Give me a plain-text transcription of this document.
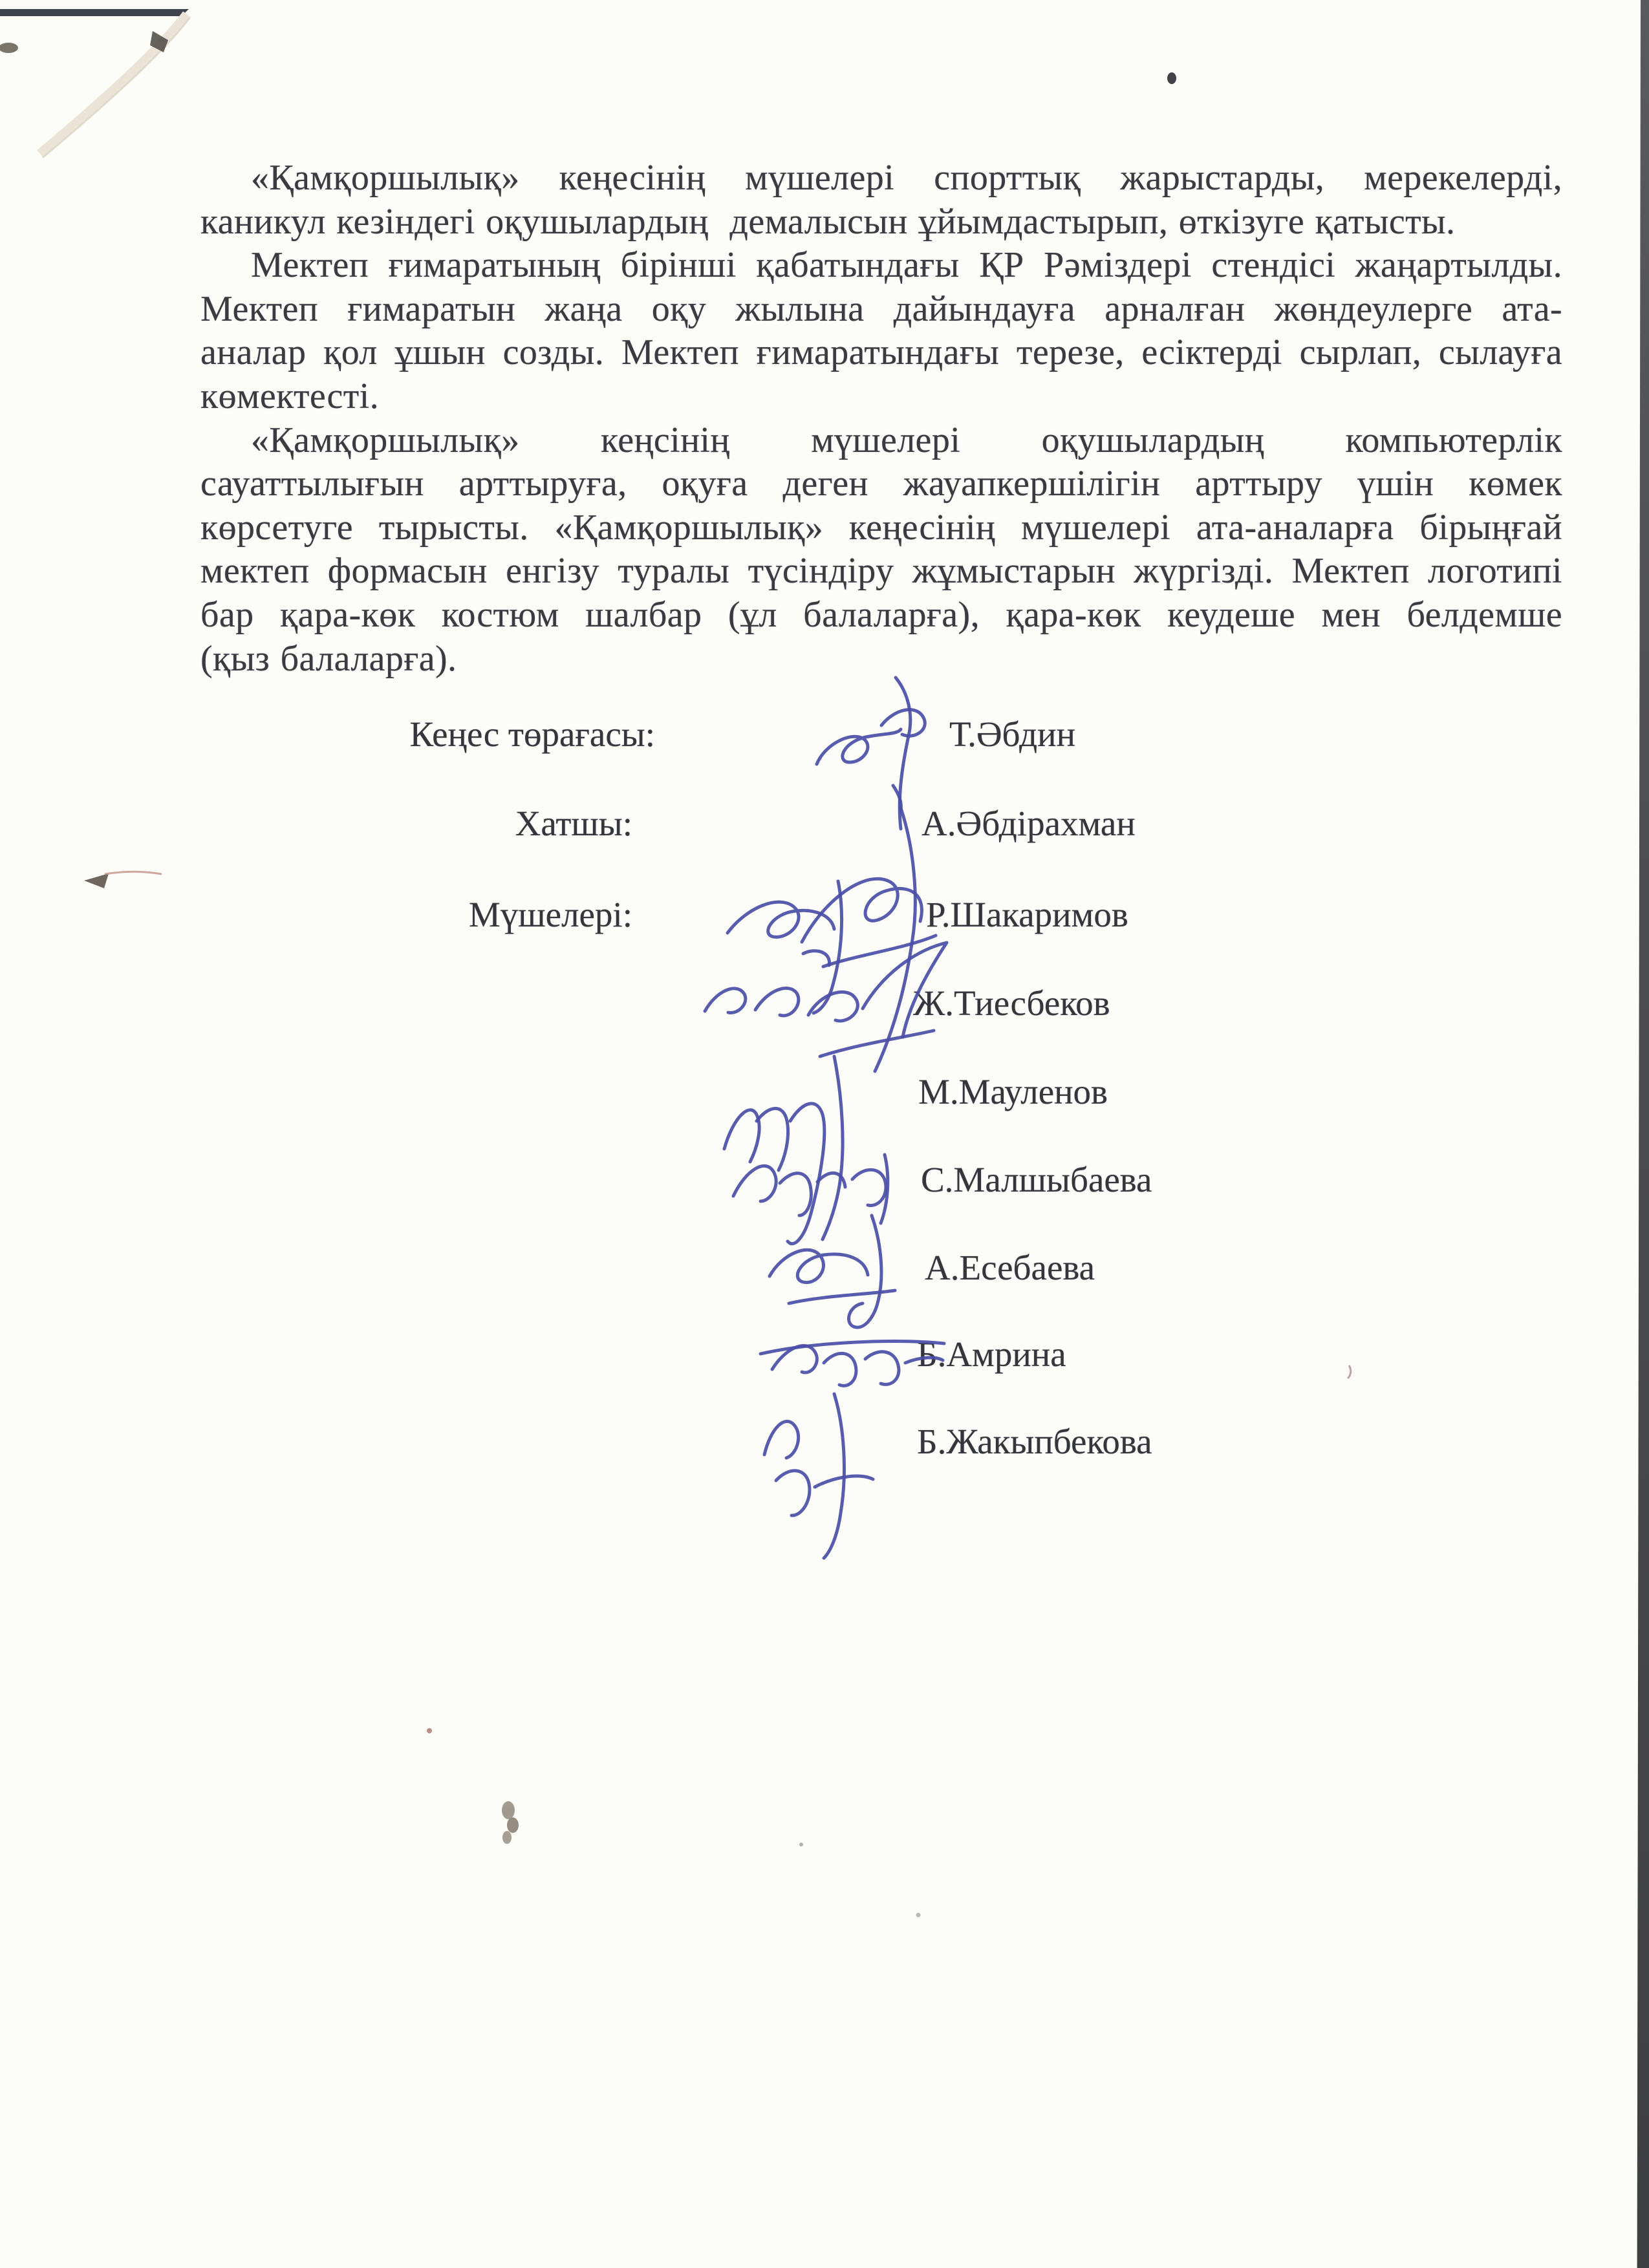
«Қамқоршылық» кеңесінің мүшелері спорттық жарыстарды, мерекелерді,
каникул кезіндегі оқушылардың  демалысын ұйымдастырып, өткізуге қатысты.
Мектеп ғимаратының бірінші қабатындағы ҚР Рәміздері стендісі жаңартылды.
Мектеп ғимаратын жаңа оқу жылына дайындауға арналған жөндеулерге ата-
аналар қол ұшын созды. Мектеп ғимаратындағы терезе, есіктерді сырлап, сылауға
көмектесті.
«Қамқоршылық» кеңсінің мүшелері оқушылардың компьютерлік
сауаттылығын арттыруға, оқуға деген жауапкершілігін арттыру үшін көмек
көрсетуге тырысты. «Қамқоршылық» кеңесінің мүшелері ата-аналарға бірыңғай
мектеп формасын енгізу туралы түсіндіру жұмыстарын жүргізді. Мектеп логотипі
бар қара-көк костюм шалбар (ұл балаларға), қара-көк кеудеше мен белдемше
(қыз балаларға).
Кеңес төрағасы:
Хатшы:
Мүшелері:
Т.Әбдин
А.Әбдірахман
Р.Шакаримов
Ж.Тиесбеков
М.Мауленов
С.Малшыбаева
А.Есебаева
Б.Амрина
Б.Жакыпбекова
